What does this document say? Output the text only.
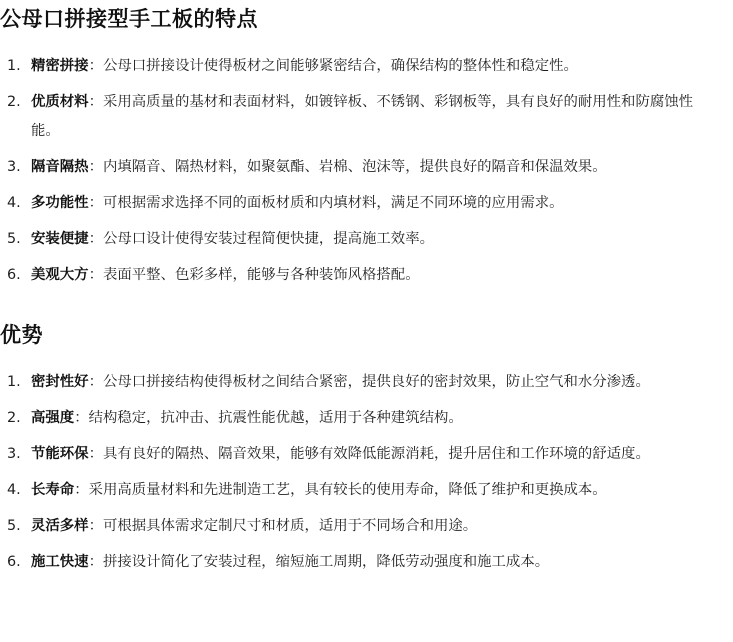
公母口拼接型手工板的特点
1. 精密拼接：公母口拼接设计使得板材之间能够紧密结合，确保结构的整体性和稳定性。
2. 优质材料：采用高质量的基材和表面材料，如镀锌板、不锈钢、彩钢板等，具有良好的耐用性和防腐蚀性能。
3. 隔音隔热：内填隔音、隔热材料，如聚氨酯、岩棉、泡沫等，提供良好的隔音和保温效果。
4. 多功能性：可根据需求选择不同的面板材质和内填材料，满足不同环境的应用需求。
5. 安装便捷：公母口设计使得安装过程简便快捷，提高施工效率。
6. 美观大方：表面平整、色彩多样，能够与各种装饰风格搭配。
优势
1. 密封性好：公母口拼接结构使得板材之间结合紧密，提供良好的密封效果，防止空气和水分渗透。
2. 高强度：结构稳定，抗冲击、抗震性能优越，适用于各种建筑结构。
3. 节能环保：具有良好的隔热、隔音效果，能够有效降低能源消耗，提升居住和工作环境的舒适度。
4. 长寿命：采用高质量材料和先进制造工艺，具有较长的使用寿命，降低了维护和更换成本。
5. 灵活多样：可根据具体需求定制尺寸和材质，适用于不同场合和用途。
6. 施工快速：拼接设计简化了安装过程，缩短施工周期，降低劳动强度和施工成本。
